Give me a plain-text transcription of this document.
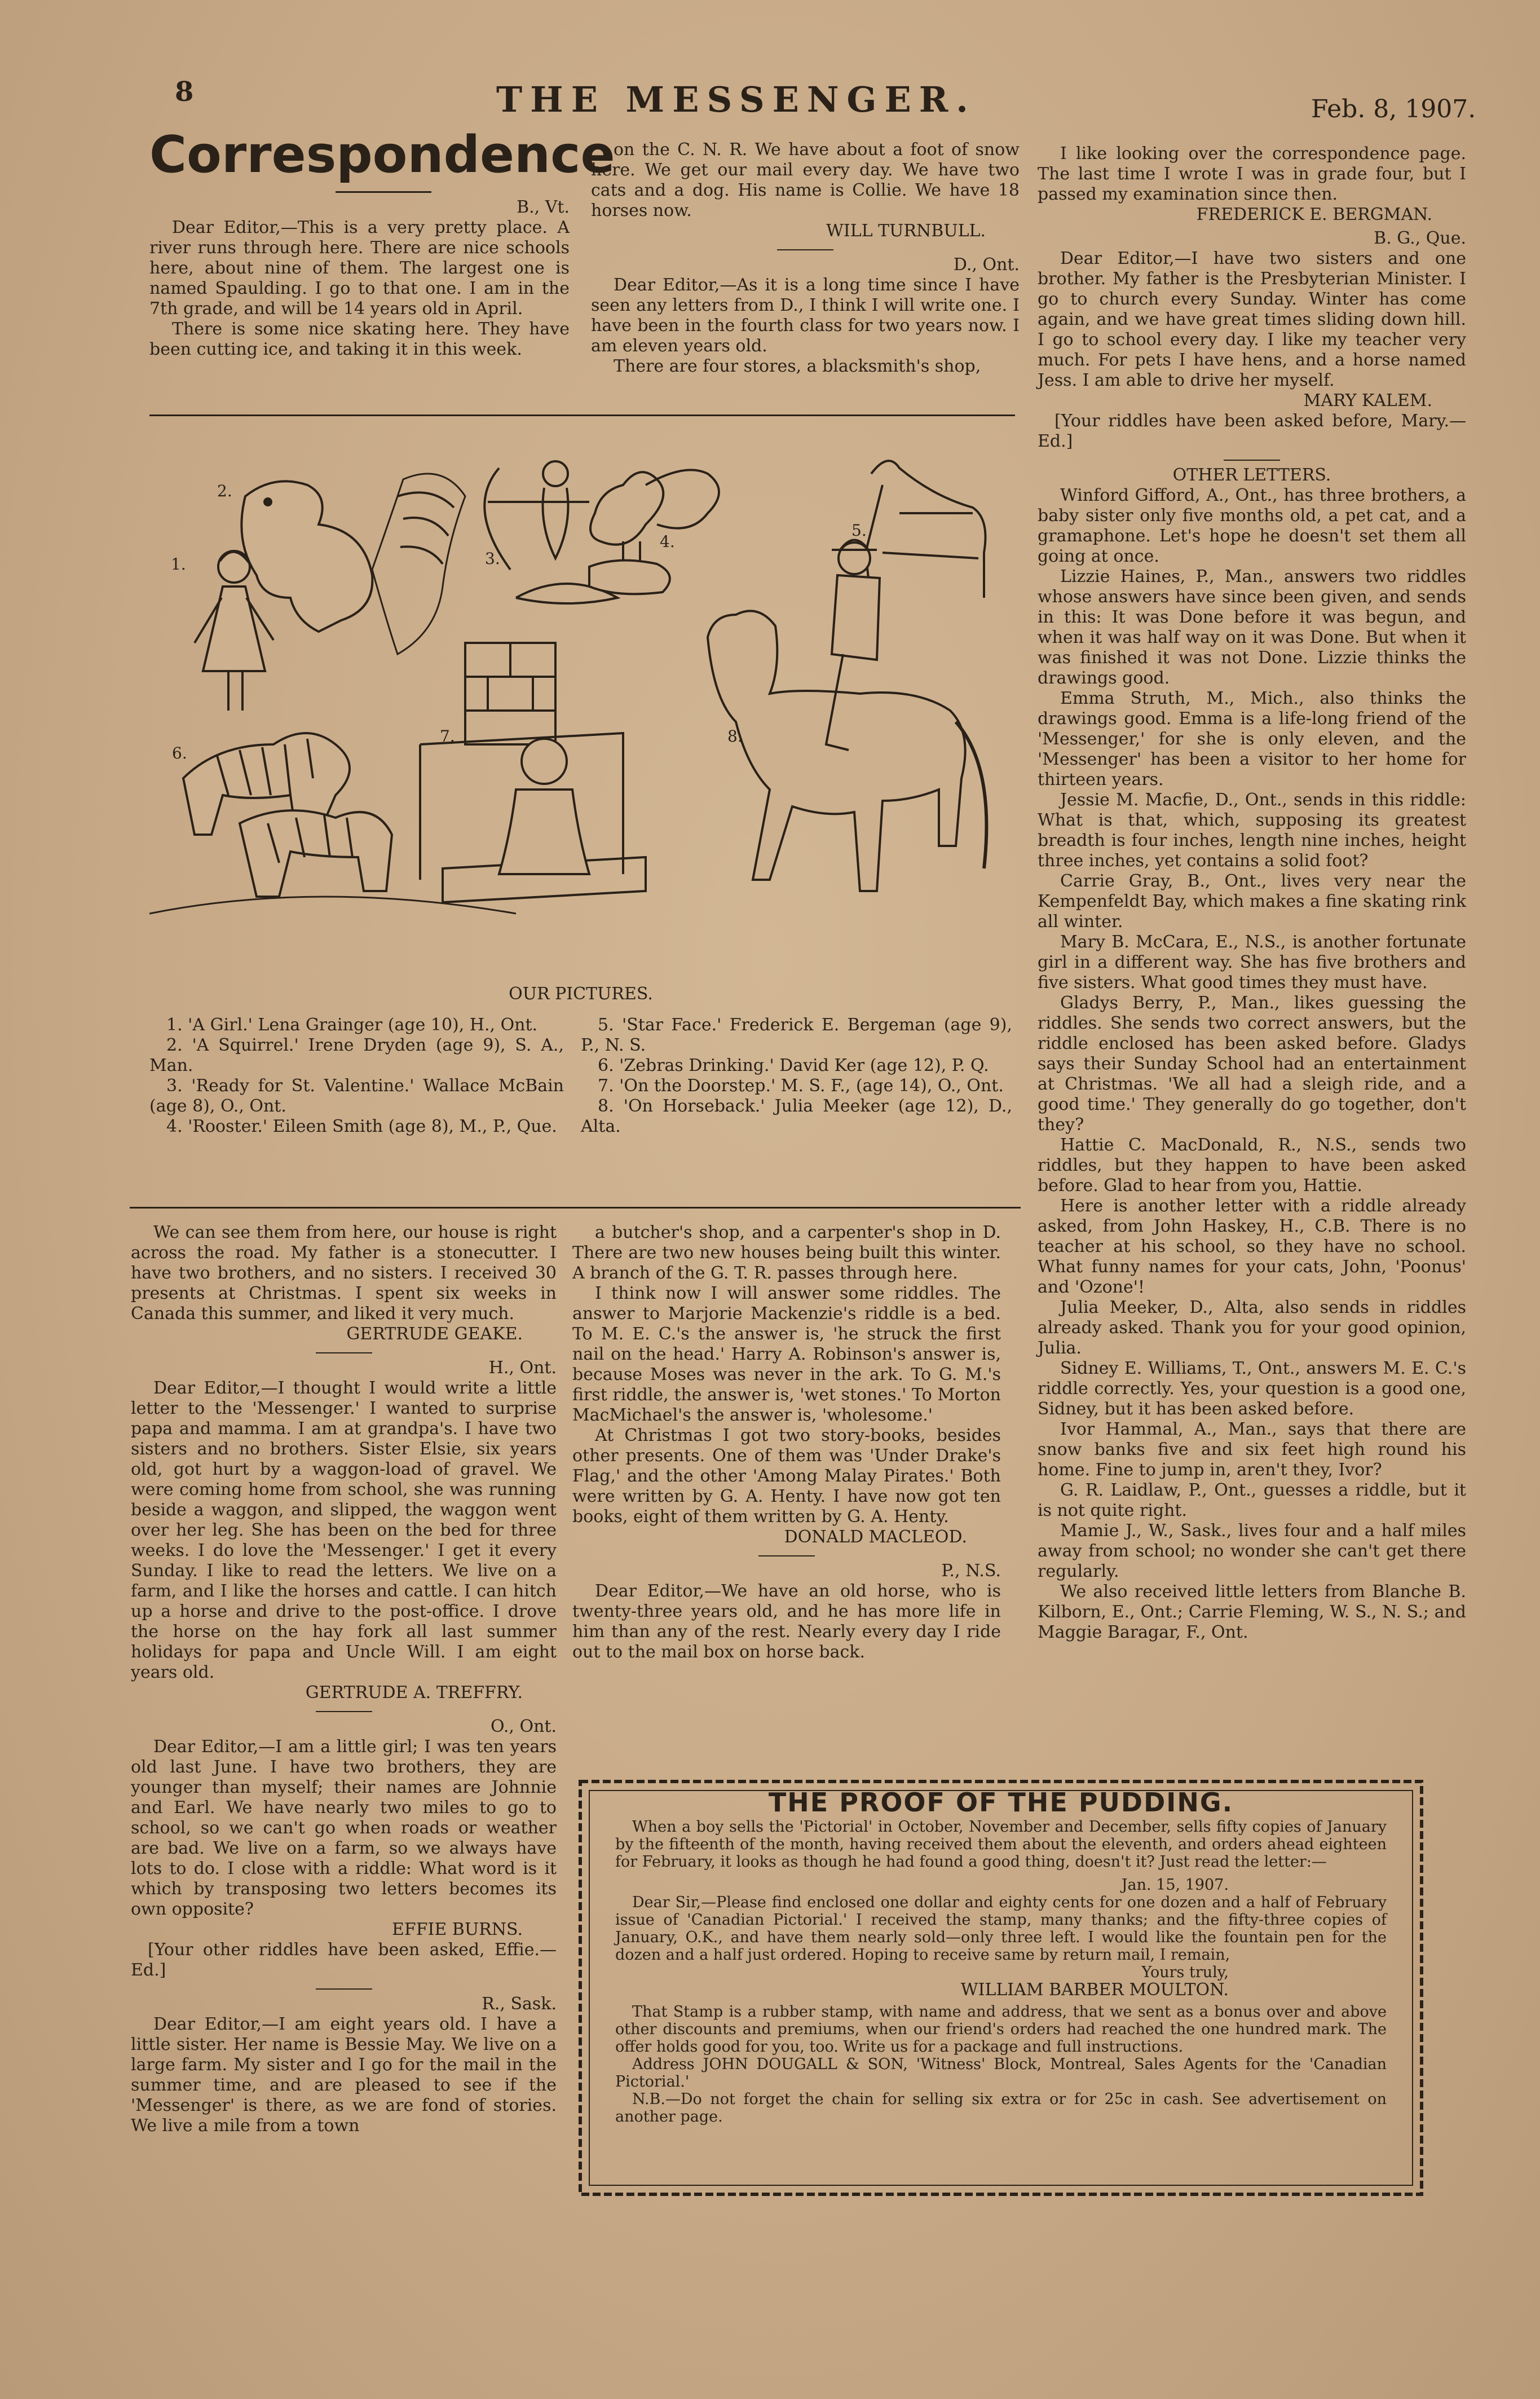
8	THE MESSENGER.	Feb. 8, 1907.
Correspondence

B., Vt.

Dear Editor,—This is a very pretty place. A river runs through here. There are nice schools here, about nine of them. The largest one is named Spaulding. I go to that one. I am in the 7th grade, and will be 14 years old in April.

There is some nice skating here. They have been cutting ice, and taking it in this week.

on the C. N. R. We have about a foot of snow here. We get our mail every day. We have two cats and a dog. His name is Collie. We have 18 horses now.

WILL TURNBULL.

D., Ont.

Dear Editor,—As it is a long time since I have seen any letters from D., I think I will write one. I have been in the fourth class for two years now. I am eleven years old.

There are four stores, a blacksmith's shop,

I like looking over the correspondence page. The last time I wrote I was in grade four, but I passed my examination since then.

FREDERICK E. BERGMAN.

B. G., Que.

Dear Editor,—I have two sisters and one brother. My father is the Presbyterian Minister. I go to church every Sunday. Winter has come again, and we have great times sliding down hill. I go to school every day. I like my teacher very much. For pets I have hens, and a horse named Jess. I am able to drive her myself.

MARY KALEM.

[Your riddles have been asked before, Mary.—Ed.]

OTHER LETTERS.

Winford Gifford, A., Ont., has three brothers, a baby sister only five months old, a pet cat, and a gramaphone. Let's hope he doesn't set them all going at once.

Lizzie Haines, P., Man., answers two riddles whose answers have since been given, and sends in this: It was Done before it was begun, and when it was half way on it was Done. But when it was finished it was not Done. Lizzie thinks the drawings good.

Emma Struth, M., Mich., also thinks the drawings good. Emma is a life-long friend of the 'Messenger,' for she is only eleven, and the 'Messenger' has been a visitor to her home for thirteen years.

Jessie M. Macfie, D., Ont., sends in this riddle: What is that, which, supposing its greatest breadth is four inches, length nine inches, height three inches, yet contains a solid foot?

Carrie Gray, B., Ont., lives very near the Kempenfeldt Bay, which makes a fine skating rink all winter.

Mary B. McCara, E., N.S., is another fortunate girl in a different way. She has five brothers and five sisters. What good times they must have.

Gladys Berry, P., Man., likes guessing the riddles. She sends two correct answers, but the riddle enclosed has been asked before. Gladys says their Sunday School had an entertainment at Christmas. 'We all had a sleigh ride, and a good time.' They generally do go together, don't they?

Hattie C. MacDonald, R., N.S., sends two riddles, but they happen to have been asked before. Glad to hear from you, Hattie.

Here is another letter with a riddle already asked, from John Haskey, H., C.B. There is no teacher at his school, so they have no school. What funny names for your cats, John, 'Poonus' and 'Ozone'!

Julia Meeker, D., Alta, also sends in riddles already asked. Thank you for your good opinion, Julia.

Sidney E. Williams, T., Ont., answers M. E. C.'s riddle correctly. Yes, your question is a good one, Sidney, but it has been asked before.

Ivor Hammal, A., Man., says that there are snow banks five and six feet high round his home. Fine to jump in, aren't they, Ivor?

G. R. Laidlaw, P., Ont., guesses a riddle, but it is not quite right.

Mamie J., W., Sask., lives four and a half miles away from school; no wonder she can't get there regularly.

We also received little letters from Blanche B. Kilborn, E., Ont.; Carrie Fleming, W. S., N. S.; and Maggie Baragar, F., Ont.

1.
2.
3.
4.
5.
6.
7.	8.
OUR PICTURES.
1. 'A Girl.' Lena Grainger (age 10), H., Ont.
2. 'A Squirrel.' Irene Dryden (age 9), S. A., Man.
3. 'Ready for St. Valentine.' Wallace McBain (age 8), O., Ont.
4. 'Rooster.' Eileen Smith (age 8), M., P., Que.
5. 'Star Face.' Frederick E. Bergeman (age 9), P., N. S.
6. 'Zebras Drinking.' David Ker (age 12), P. Q.
7. 'On the Doorstep.' M. S. F., (age 14), O., Ont.
8. 'On Horseback.' Julia Meeker (age 12), D., Alta.

We can see them from here, our house is right across the road. My father is a stonecutter. I have two brothers, and no sisters. I received 30 presents at Christmas. I spent six weeks in Canada this summer, and liked it very much.

GERTRUDE GEAKE.

H., Ont.

Dear Editor,—I thought I would write a little letter to the 'Messenger.' I wanted to surprise papa and mamma. I am at grandpa's. I have two sisters and no brothers. Sister Elsie, six years old, got hurt by a waggon-load of gravel. We were coming home from school, she was running beside a waggon, and slipped, the waggon went over her leg. She has been on the bed for three weeks. I do love the 'Messenger.' I get it every Sunday. I like to read the letters. We live on a farm, and I like the horses and cattle. I can hitch up a horse and drive to the post-office. I drove the horse on the hay fork all last summer holidays for papa and Uncle Will. I am eight years old.

GERTRUDE A. TREFFRY.

O., Ont.

Dear Editor,—I am a little girl; I was ten years old last June. I have two brothers, they are younger than myself; their names are Johnnie and Earl. We have nearly two miles to go to school, so we can't go when roads or weather are bad. We live on a farm, so we always have lots to do. I close with a riddle: What word is it which by transposing two letters becomes its own opposite?

EFFIE BURNS.

[Your other riddles have been asked, Effie.—Ed.]

R., Sask.

Dear Editor,—I am eight years old. I have a little sister. Her name is Bessie May. We live on a large farm. My sister and I go for the mail in the summer time, and are pleased to see if the 'Messenger' is there, as we are fond of stories. We live a mile from a town

a butcher's shop, and a carpenter's shop in D. There are two new houses being built this winter. A branch of the G. T. R. passes through here.

I think now I will answer some riddles. The answer to Marjorie Mackenzie's riddle is a bed. To M. E. C.'s the answer is, 'he struck the first nail on the head.' Harry A. Robinson's answer is, because Moses was never in the ark. To G. M.'s first riddle, the answer is, 'wet stones.' To Morton MacMichael's the answer is, 'wholesome.'

At Christmas I got two story-books, besides other presents. One of them was 'Under Drake's Flag,' and the other 'Among Malay Pirates.' Both were written by G. A. Henty. I have now got ten books, eight of them written by G. A. Henty.

DONALD MACLEOD.

P., N.S.

Dear Editor,—We have an old horse, who is twenty-three years old, and he has more life in him than any of the rest. Nearly every day I ride out to the mail box on horse back.

THE PROOF OF THE PUDDING.

When a boy sells the 'Pictorial' in October, November and December, sells fifty copies of January by the fifteenth of the month, having received them about the eleventh, and orders ahead eighteen for February, it looks as though he had found a good thing, doesn't it? Just read the letter:—

Jan. 15, 1907.

Dear Sir,—Please find enclosed one dollar and eighty cents for one dozen and a half of February issue of 'Canadian Pictorial.' I received the stamp, many thanks; and the fifty-three copies of January, O.K., and have them nearly sold—only three left. I would like the fountain pen for the dozen and a half just ordered. Hoping to receive same by return mail, I remain,

Yours truly,

WILLIAM BARBER MOULTON.

That Stamp is a rubber stamp, with name and address, that we sent as a bonus over and above other discounts and premiums, when our friend's orders had reached the one hundred mark. The offer holds good for you, too. Write us for a package and full instructions.

Address JOHN DOUGALL & SON, 'Witness' Block, Montreal, Sales Agents for the 'Canadian Pictorial.'

N.B.—Do not forget the chain for selling six extra or for 25c in cash. See advertisement on another page.
